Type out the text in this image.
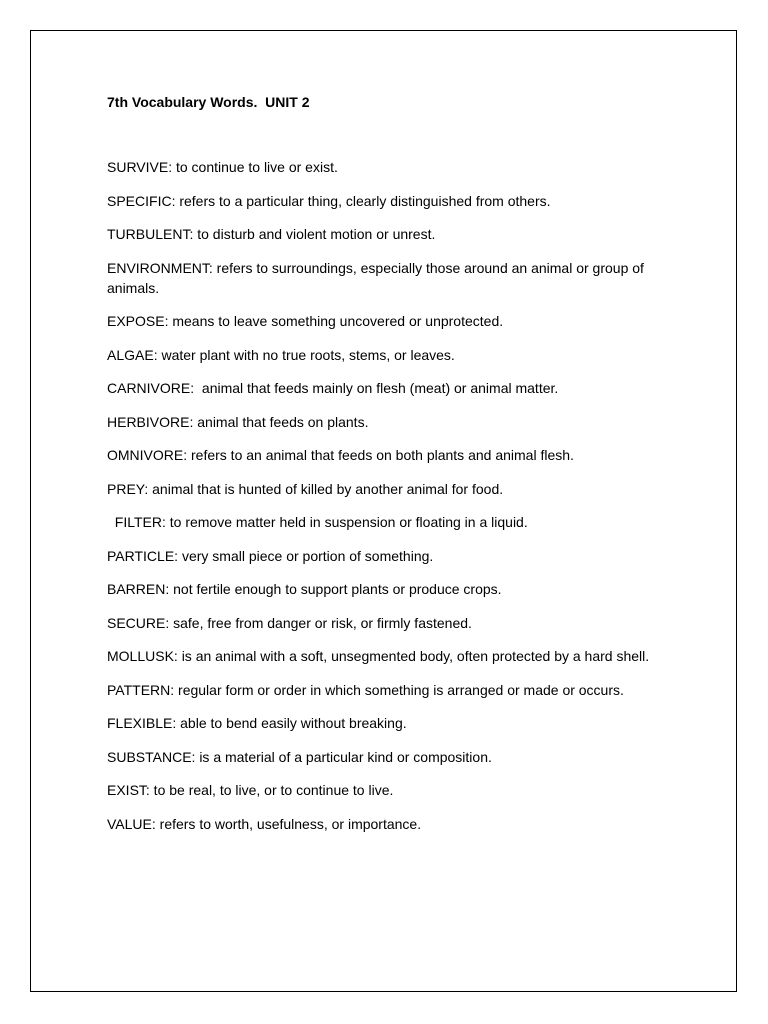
7th Vocabulary Words.  UNIT 2
SURVIVE: to continue to live or exist.
SPECIFIC: refers to a particular thing, clearly distinguished from others.
TURBULENT: to disturb and violent motion or unrest.
ENVIRONMENT: refers to surroundings, especially those around an animal or group of animals.
EXPOSE: means to leave something uncovered or unprotected.
ALGAE: water plant with no true roots, stems, or leaves.
CARNIVORE:  animal that feeds mainly on flesh (meat) or animal matter.
HERBIVORE: animal that feeds on plants.
OMNIVORE: refers to an animal that feeds on both plants and animal flesh.
PREY: animal that is hunted of killed by another animal for food.
FILTER: to remove matter held in suspension or floating in a liquid.
PARTICLE: very small piece or portion of something.
BARREN: not fertile enough to support plants or produce crops.
SECURE: safe, free from danger or risk, or firmly fastened.
MOLLUSK: is an animal with a soft, unsegmented body, often protected by a hard shell.
PATTERN: regular form or order in which something is arranged or made or occurs.
FLEXIBLE: able to bend easily without breaking.
SUBSTANCE: is a material of a particular kind or composition.
EXIST: to be real, to live, or to continue to live.
VALUE: refers to worth, usefulness, or importance.
